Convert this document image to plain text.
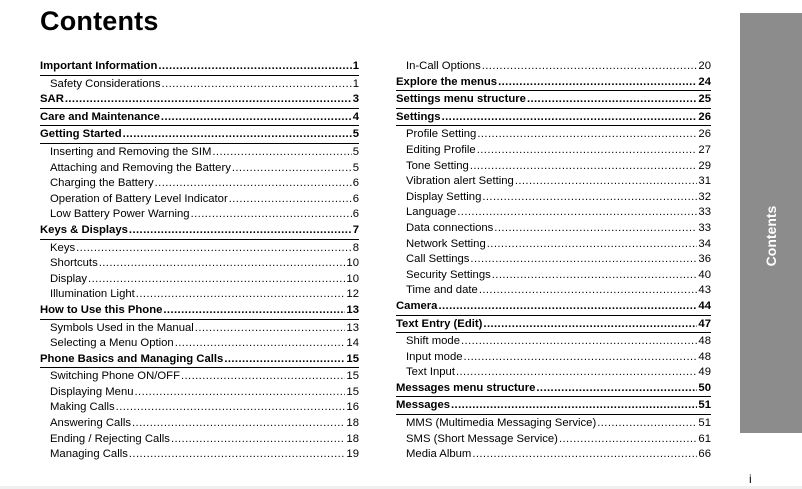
Contents
Important Information .....	1
Safety Considerations .....	1
SAR .....	3
Care and Maintenance .....	4
Getting Started .....	5
Inserting and Removing the SIM .....	5
Attaching and Removing the Battery .....	5
Charging the Battery .....	6
Operation of Battery Level Indicator .....	6
Low Battery Power Warning .....	6
Keys & Displays .....	7
Keys .....	8
Shortcuts .....	10
Display .....	10
Illumination Light .....	12
How to Use this Phone .....	13
Symbols Used in the Manual .....	13
Selecting a Menu Option .....	14
Phone Basics and Managing Calls .....	15
Switching Phone ON/OFF .....	15
Displaying Menu .....	15
Making Calls .....	16
Answering Calls .....	18
Ending / Rejecting Calls .....	18
Managing Calls .....	19
In-Call Options .....	20
Explore the menus .....	24
Settings menu structure .....	25
Settings .....	26
Profile Setting .....	26
Editing Profile .....	27
Tone Setting .....	29
Vibration alert Setting .....	31
Display Setting .....	32
Language .....	33
Data connections .....	33
Network Setting .....	34
Call Settings .....	36
Security Settings .....	40
Time and date .....	43
Camera .....	44
Text Entry (Edit) .....	47
Shift mode .....	48
Input mode .....	48
Text Input .....	49
Messages menu structure .....	50
Messages .....	51
MMS (Multimedia Messaging Service) .....	51
SMS (Short Message Service) .....	61
Media Album .....	66
Contents
i
